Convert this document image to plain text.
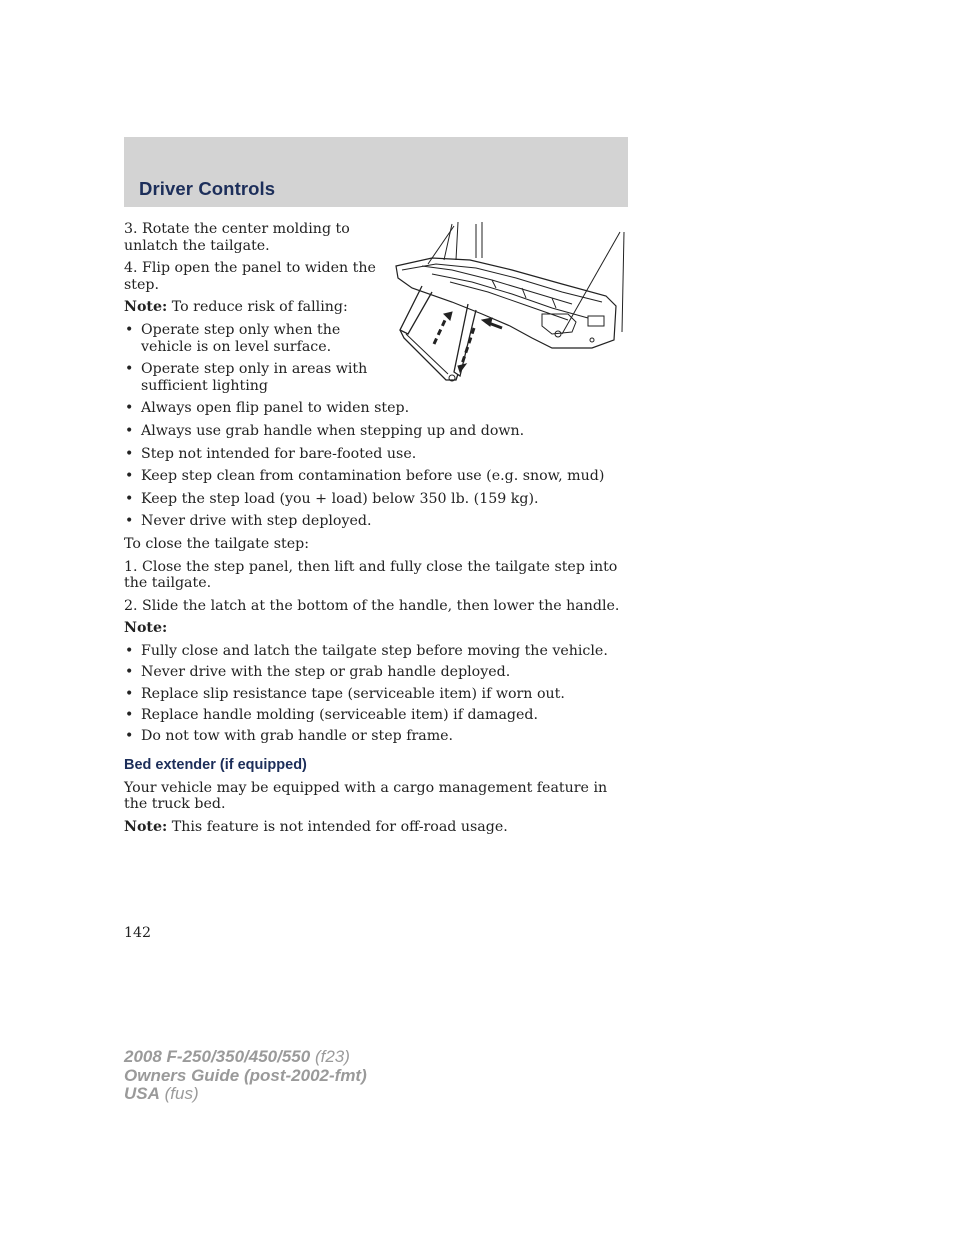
Driver Controls

3. Rotate the center molding to unlatch the tailgate.

4. Flip open the panel to widen the step.

Note: To reduce risk of falling:

• Operate step only when the vehicle is on level surface.
• Operate step only in areas with sufficient lighting
• Always open flip panel to widen step.
• Always use grab handle when stepping up and down.
• Step not intended for bare-footed use.
• Keep step clean from contamination before use (e.g. snow, mud)
• Keep the step load (you + load) below 350 lb. (159 kg).
• Never drive with step deployed.

To close the tailgate step:

1. Close the step panel, then lift and fully close the tailgate step into the tailgate.

2. Slide the latch at the bottom of the handle, then lower the handle.

Note:

• Fully close and latch the tailgate step before moving the vehicle.
• Never drive with the step or grab handle deployed.
• Replace slip resistance tape (serviceable item) if worn out.
• Replace handle molding (serviceable item) if damaged.
• Do not tow with grab handle or step frame.
Bed extender (if equipped)

Your vehicle may be equipped with a cargo management feature in the truck bed.

Note: This feature is not intended for off-road usage.

142
2008 F-250/350/450/550 (f23)
Owners Guide (post-2002-fmt)
USA (fus)
